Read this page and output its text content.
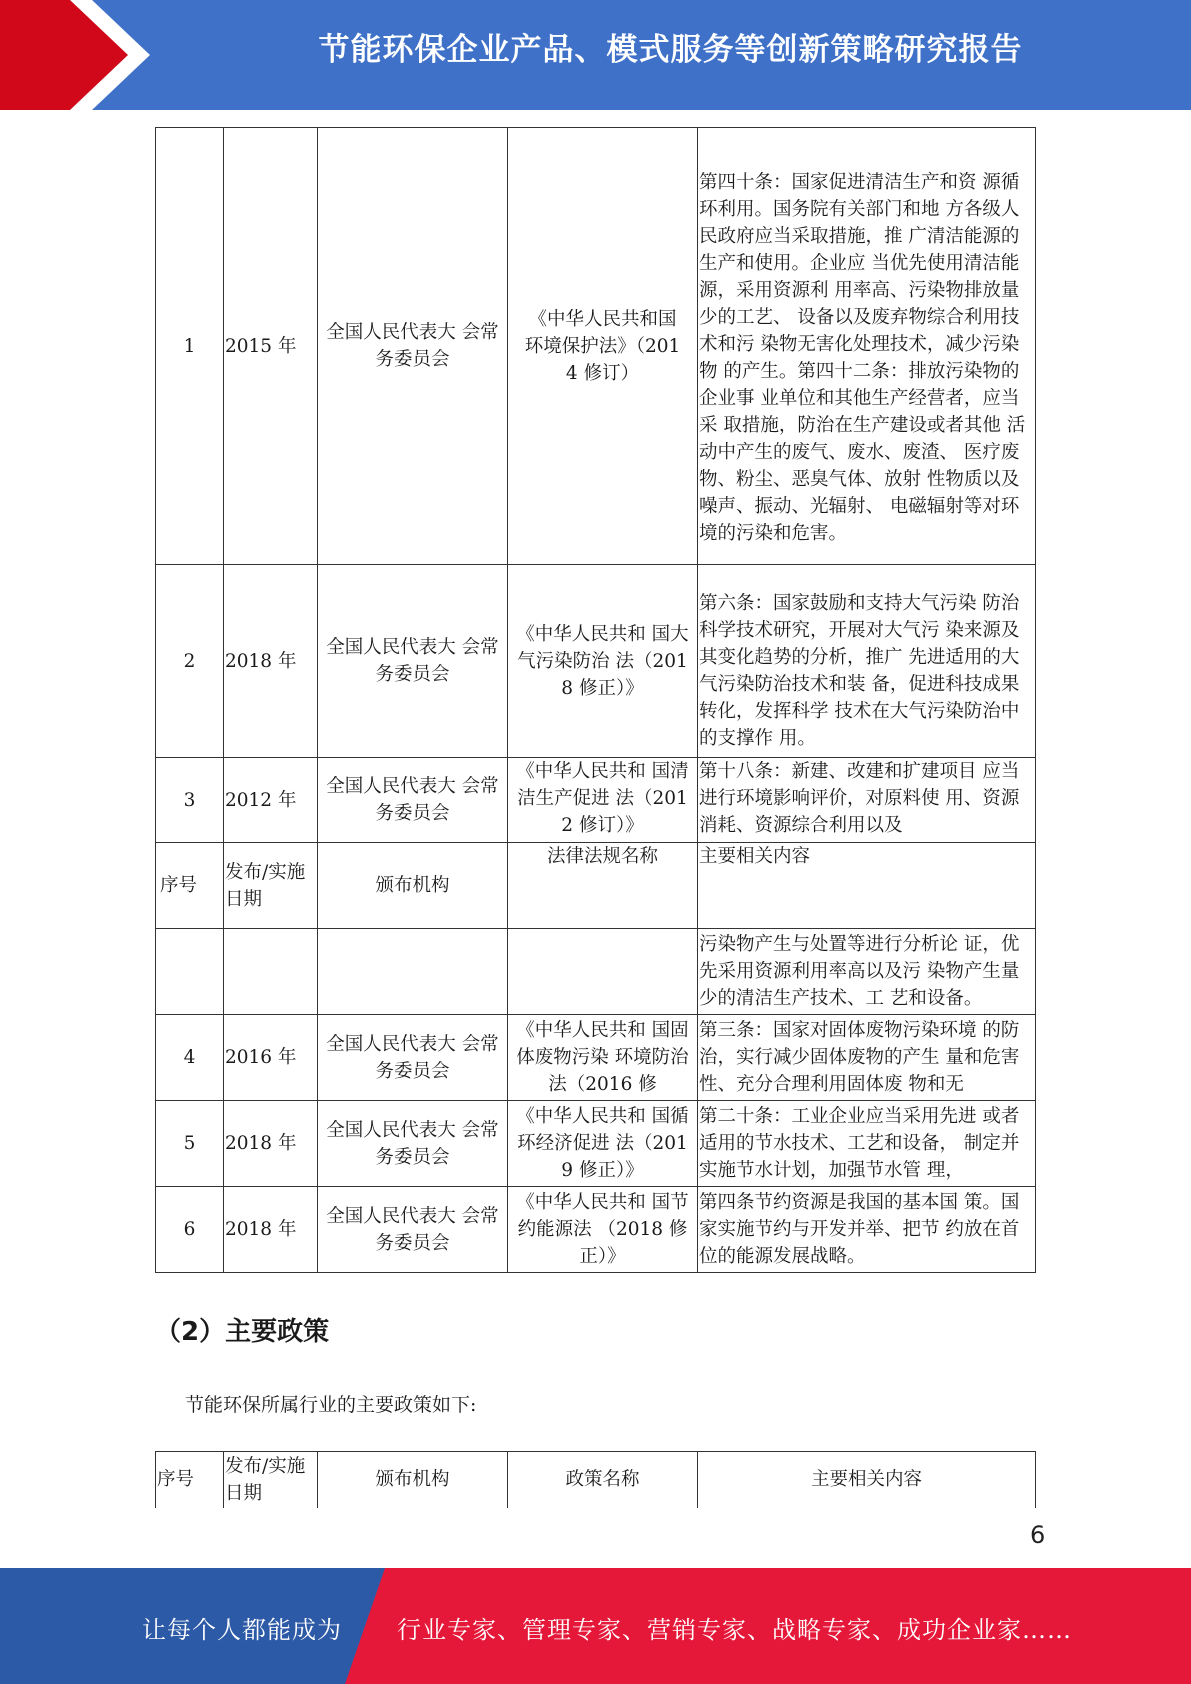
节能环保企业产品、模式服务等创新策略研究报告
1	2015 年	全国人民代表大 会常务委员会	《中华人民共和国环境保护法》（2014 修订）	第四十条：国家促进清洁生产和资 源循环利用。国务院有关部门和地 方各级人民政府应当采取措施，推 广清洁能源的生产和使用。企业应 当优先使用清洁能源，采用资源利 用率高、污染物排放量少的工艺、 设备以及废弃物综合利用技术和污 染物无害化处理技术，减少污染物 的产生。第四十二条：排放污染物的企业事 业单位和其他生产经营者，应当采 取措施，防治在生产建设或者其他 活动中产生的废气、废水、废渣、 医疗废物、粉尘、恶臭气体、放射 性物质以及噪声、振动、光辐射、 电磁辐射等对环境的污染和危害。
2	2018 年	全国人民代表大 会常务委员会	《中华人民共和 国大气污染防治 法（2018 修正）》	第六条：国家鼓励和支持大气污染 防治科学技术研究，开展对大气污 染来源及其变化趋势的分析，推广 先进适用的大气污染防治技术和装 备，促进科技成果转化，发挥科学 技术在大气污染防治中的支撑作 用。
3	2012 年	全国人民代表大 会常务委员会	《中华人民共和 国清洁生产促进 法（2012 修订）》	第十八条：新建、改建和扩建项目 应当进行环境影响评价，对原料使 用、资源消耗、资源综合利用以及
序号	发布/实施日期	颁布机构	法律法规名称	主要相关内容
				污染物产生与处置等进行分析论 证，优先采用资源利用率高以及污 染物产生量少的清洁生产技术、工 艺和设备。
4	2016 年	全国人民代表大 会常务委员会	《中华人民共和 国固体废物污染 环境防治法（2016 修	第三条：国家对固体废物污染环境 的防治，实行减少固体废物的产生 量和危害性、充分合理利用固体废 物和无
5	2018 年	全国人民代表大 会常务委员会	《中华人民共和 国循环经济促进 法（2019 修正）》	第二十条：工业企业应当采用先进 或者适用的节水技术、工艺和设备， 制定并实施节水计划，加强节水管 理，
6	2018 年	全国人民代表大 会常务委员会	《中华人民共和 国节约能源法 （2018 修正）》	第四条节约资源是我国的基本国 策。国家实施节约与开发并举、把节 约放在首位的能源发展战略。
（2）主要政策
节能环保所属行业的主要政策如下:
序号	发布/实施日期	颁布机构	政策名称	主要相关内容
6
让每个人都能成为 行业专家、管理专家、营销专家、战略专家、成功企业家……
